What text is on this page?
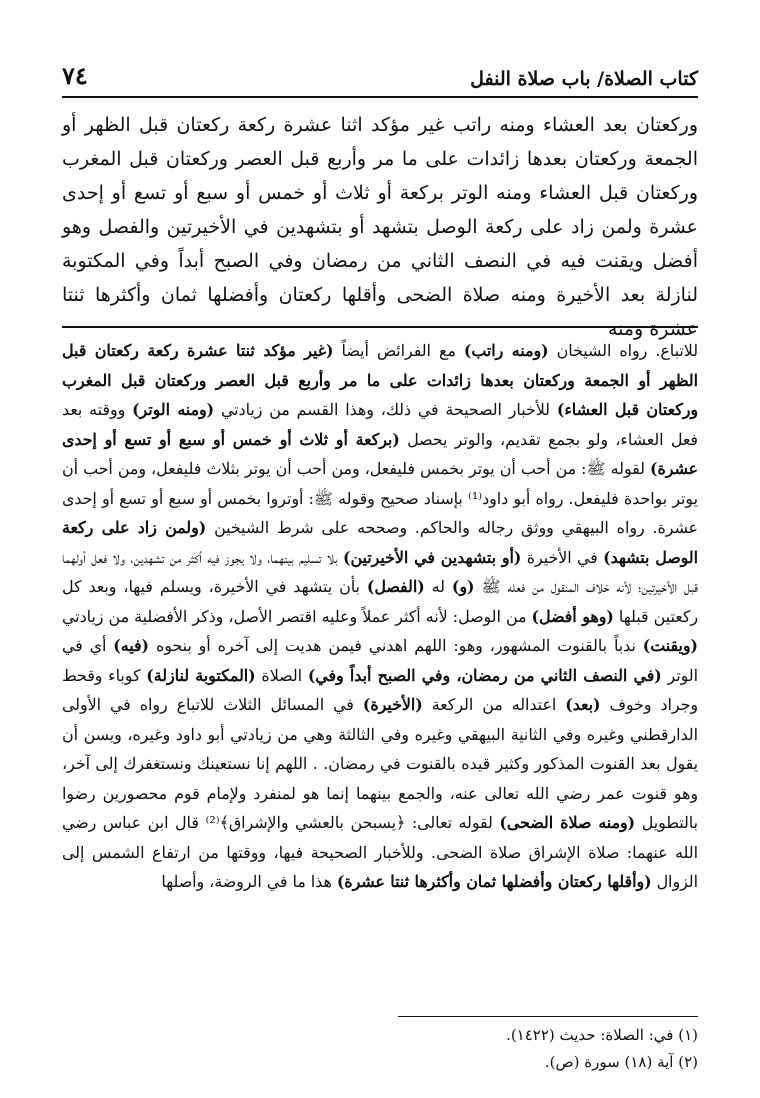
كتاب الصلاة/ باب صلاة النفل
٧٤

وركعتان بعد العشاء ومنه راتب غير مؤكد اثنا عشرة ركعة ركعتان قبل الظهر أو الجمعة وركعتان بعدها زائدات على ما مر وأربع قبل العصر وركعتان قبل المغرب وركعتان قبل العشاء ومنه الوتر بركعة أو ثلاث أو خمس أو سبع أو تسع أو إحدى عشرة ولمن زاد على ركعة الوصل بتشهد أو بتشهدين في الأخيرتين والفصل وهو أفضل ويقنت فيه في النصف الثاني من رمضان وفي الصبح أبداً وفي المكتوبة لنازلة بعد الأخيرة ومنه صلاة الضحى وأقلها ركعتان وأفضلها ثمان وأكثرها ثنتا عشرة ومنه

للاتباع. رواه الشيخان (ومنه راتب) مع الفرائض أيضاً (غير مؤكد ثنتا عشرة ركعة ركعتان قبل الظهر أو الجمعة وركعتان بعدها زائدات على ما مر وأربع قبل العصر وركعتان قبل المغرب وركعتان قبل العشاء) للأخبار الصحيحة في ذلك، وهذا القسم من زيادتي (ومنه الوتر) ووقته بعد فعل العشاء، ولو بجمع تقديم، والوتر يحصل (بركعة أو ثلاث أو خمس أو سبع أو تسع أو إحدى عشرة) لقوله ﷺ: من أحب أن يوتر بخمس فليفعل، ومن أحب أن يوتر بثلاث فليفعل، ومن أحب أن يوتر بواحدة فليفعل. رواه أبو داود⁽¹⁾ بإسناد صحيح وقوله ﷺ: أوتروا بخمس أو سبع أو تسع أو إحدى عشرة. رواه البيهقي ووثق رجاله والحاكم. وصححه على شرط الشيخين (ولمن زاد على ركعة الوصل بتشهد) في الأخيرة (أو بتشهدين في الأخيرتين) بلا تسليم بينهما، ولا يجوز فيه أكثر من تشهدين، ولا فعل أولهما قبل الأخيرتين؛ لأنه خلاف المنقول من فعله ﷺ (و) له (الفصل) بأن يتشهد في الأخيرة، ويسلم فيها، وبعد كل ركعتين قبلها (وهو أفضل) من الوصل: لأنه أكثر عملاً وعليه اقتصر الأصل، وذكر الأفضلية من زيادتي (ويقنت) ندباً بالقنوت المشهور، وهو: اللهم اهدني فيمن هديت إلى آخره أو بنحوه (فيه) أي في الوتر (في النصف الثاني من رمضان، وفي الصبح أبداً وفي) الصلاة (المكتوبة لنازلة) كوباء وقحط وجراد وخوف (بعد) اعتداله من الركعة (الأخيرة) في المسائل الثلاث للاتباع رواه في الأولى الدارقطني وغيره وفي الثانية البيهقي وغيره وفي الثالثة وهي من زيادتي أبو داود وغيره، ويسن أن يقول بعد القنوت المذكور وكثير قيده بالقنوت في رمضان. . اللهم إنا نستعينك ونستغفرك إلى آخر، وهو قنوت عمر رضي الله تعالى عنه، والجمع بينهما إنما هو لمنفرد ولإمام قوم محصورين رضوا بالتطويل (ومنه صلاة الضحى) لقوله تعالى: ﴿يسبحن بالعشي والإشراق﴾⁽²⁾ قال ابن عباس رضي الله عنهما: صلاة الإشراق صلاة الضحى. وللأخبار الصحيحة فيها، ووقتها من ارتفاع الشمس إلى الزوال (وأقلها ركعتان وأفضلها ثمان وأكثرها ثنتا عشرة) هذا ما في الروضة، وأصلها

(١) في: الصلاة: حديث (١٤٢٢).
(٢) آية (١٨) سورة (ص).
